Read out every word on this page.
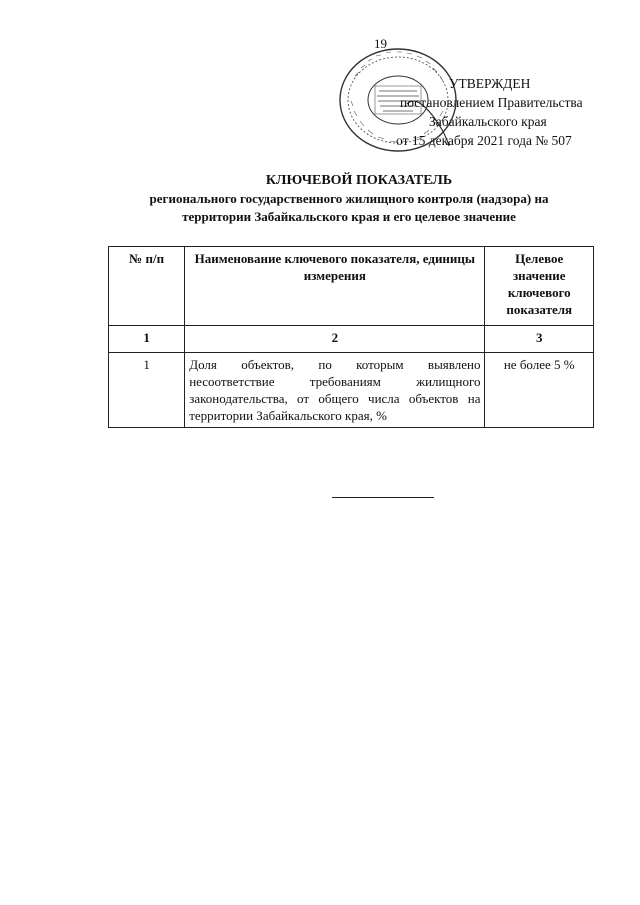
19
УТВЕРЖДЕН
постановлением Правительства
Забайкальского края
от 15 декабря 2021 года № 507
КЛЮЧЕВОЙ ПОКАЗАТЕЛЬ
регионального государственного жилищного контроля (надзора) на
территории Забайкальского края и его целевое значение
№ п/п	Наименование ключевого показателя, единицы измерения	Целевое значение ключевого показателя
1	2	3
1	Доля объектов, по которым выявлено несоответствие требованиям жилищного законодательства, от общего числа объектов на территории Забайкальского края, %	не более 5 %
